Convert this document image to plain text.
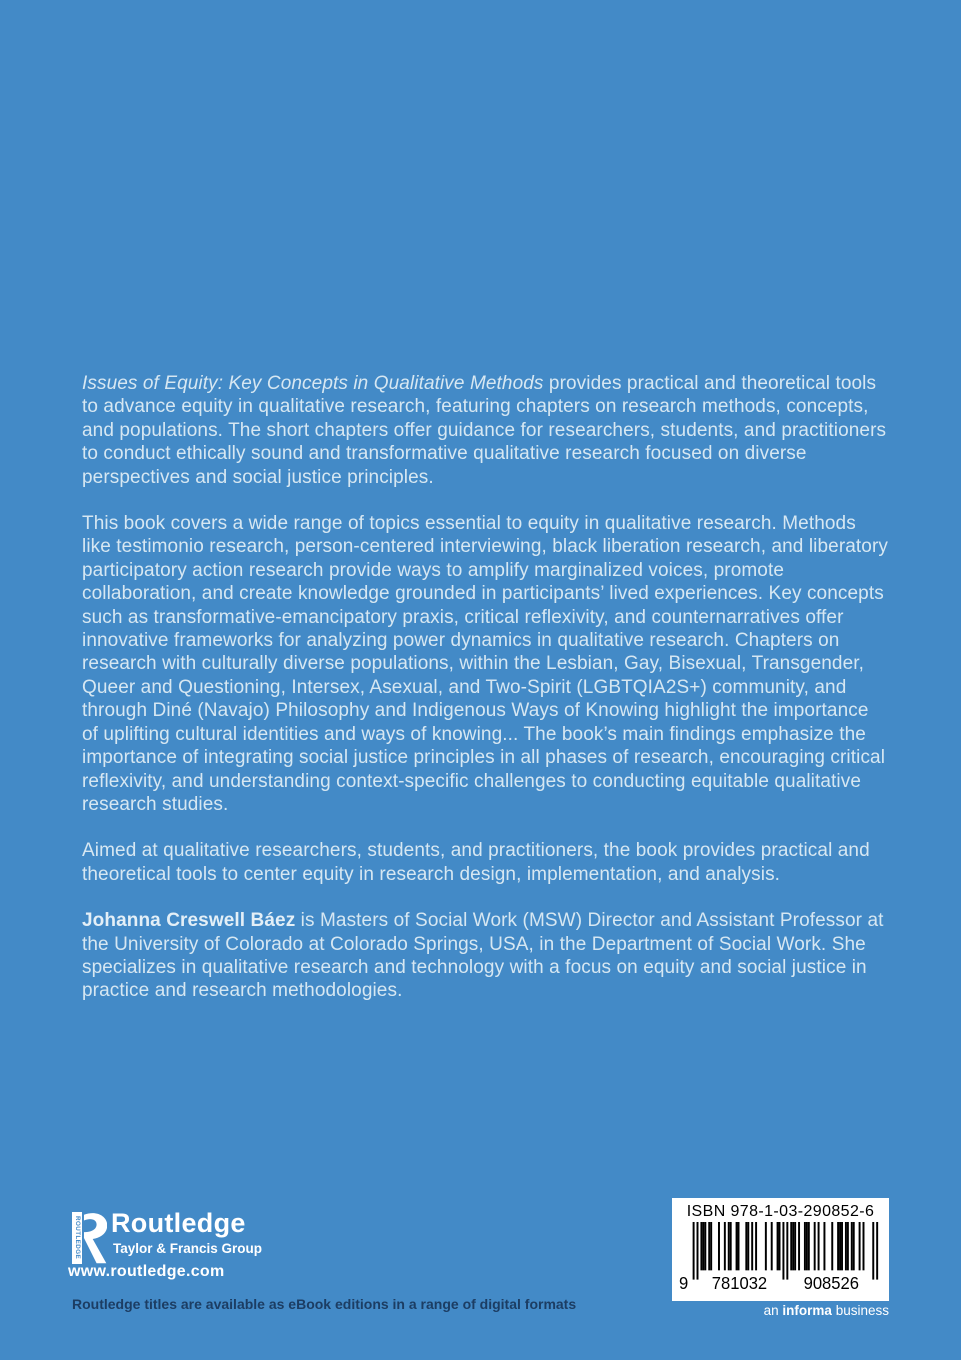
Issues of Equity: Key Concepts in Qualitative Methods provides practical and theoretical tools to advance equity in qualitative research, featuring chapters on research methods, concepts, and populations. The short chapters offer guidance for researchers, students, and practitioners to conduct ethically sound and transformative qualitative research focused on diverse perspectives and social justice principles.

This book covers a wide range of topics essential to equity in qualitative research. Methods like testimonio research, person-centered interviewing, black liberation research, and liberatory participatory action research provide ways to amplify marginalized voices, promote collaboration, and create knowledge grounded in participants’ lived experiences. Key concepts such as transformative-emancipatory praxis, critical reflexivity, and counternarratives offer innovative frameworks for analyzing power dynamics in qualitative research. Chapters on research with culturally diverse populations, within the Lesbian, Gay, Bisexual, Transgender, Queer and Questioning, Intersex, Asexual, and Two-Spirit (LGBTQIA2S+) community, and through Diné (Navajo) Philosophy and Indigenous Ways of Knowing highlight the importance of uplifting cultural identities and ways of knowing... The book’s main findings emphasize the importance of integrating social justice principles in all phases of research, encouraging critical reflexivity, and understanding context-specific challenges to conducting equitable qualitative research studies.

Aimed at qualitative researchers, students, and practitioners, the book provides practical and theoretical tools to center equity in research design, implementation, and analysis.

Johanna Creswell Báez is Masters of Social Work (MSW) Director and Assistant Professor at the University of Colorado at Colorado Springs, USA, in the Department of Social Work. She specializes in qualitative research and technology with a focus on equity and social justice in practice and research methodologies.

ROUTLEDGE Routledge
Taylor & Francis Group
www.routledge.com
Routledge titles are available as eBook editions in a range of digital formats
ISBN 978-1-03-290852-6
9 781032 908526
an informa business
